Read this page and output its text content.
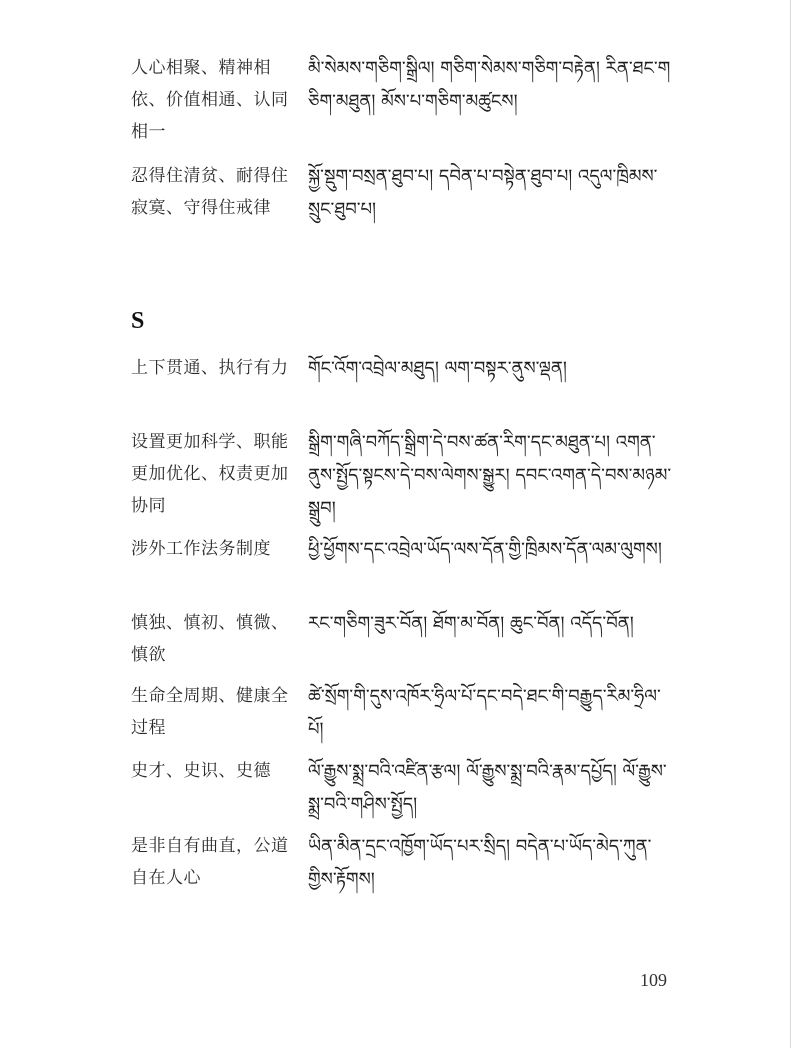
人心相聚、精神相依、价值相通、认同相一
མི་སེམས་གཅིག་སྒྲིལ། གཅིག་སེམས་གཅིག་བརྟེན། རིན་ཐང་གཅིག་མཐུན། མོས་པ་གཅིག་མཚུངས།
忍得住清贫、耐得住寂寞、守得住戒律
སྐྱོ་སྡུག་བསྲན་ཐུབ་པ། དབེན་པ་བསྟེན་ཐུབ་པ། འདུལ་ཁྲིམས་སྲུང་ཐུབ་པ།
S
上下贯通、执行有力 གོང་འོག་འབྲེལ་མཐུད། ལག་བསྟར་ནུས་ལྡན།
设置更加科学、职能更加优化、权责更加协同
སྒྲིག་གཞི་བཀོད་སྒྲིག་དེ་བས་ཚན་རིག་དང་མཐུན་པ། འགན་ནུས་སྤྱོད་སྟངས་དེ་བས་ལེགས་སྒྱུར། དབང་འགན་དེ་བས་མཉམ་སྒྲུབ།
涉外工作法务制度	ཕྱི་ཕྱོགས་དང་འབྲེལ་ཡོད་ལས་དོན་གྱི་ཁྲིམས་དོན་ལམ་ལུགས།
慎独、慎初、慎微、慎欲
རང་གཅིག་ཟུར་བོན། ཐོག་མ་བོན། ཆུང་བོན། འདོད་བོན།
生命全周期、健康全过程
ཚེ་སྲོག་གི་དུས་འཁོར་ཧྲིལ་པོ་དང་བདེ་ཐང་གི་བརྒྱུད་རིམ་ཧྲིལ་པོ།
史才、史识、史德	ལོ་རྒྱུས་སྨྲ་བའི་འཛིན་རྩལ། ལོ་རྒྱུས་སྨྲ་བའི་རྣམ་དཔྱོད། ལོ་རྒྱུས་སྨྲ་བའི་གཤིས་སྤྱོད།
是非自有曲直，公道自在人心
ཡིན་མིན་དྲང་འཁྱོག་ཡོད་པར་སྲིད། བདེན་པ་ཡོད་མེད་ཀུན་གྱིས་རྟོགས།
109
